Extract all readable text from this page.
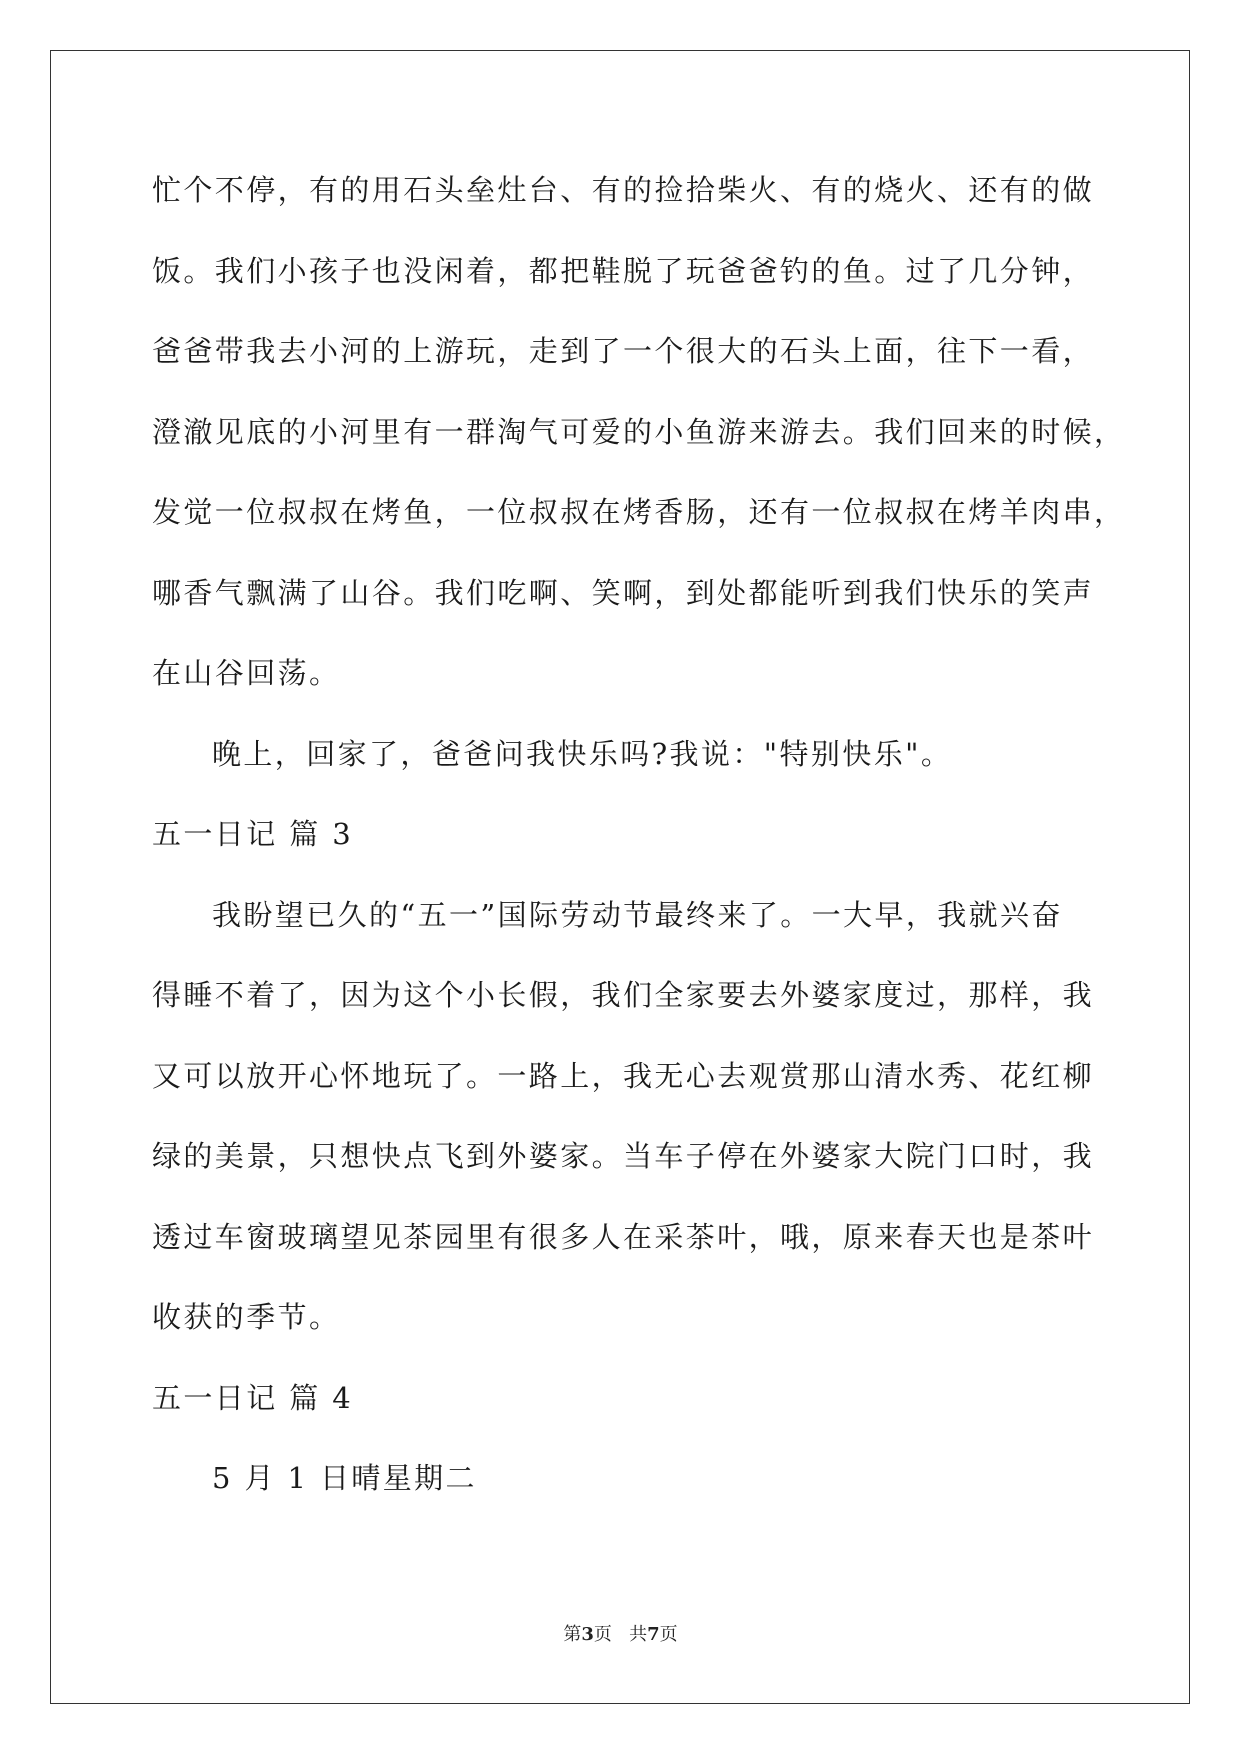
忙个不停，有的用石头垒灶台、有的捡拾柴火、有的烧火、还有的做
饭。我们小孩子也没闲着，都把鞋脱了玩爸爸钓的鱼。过了几分钟，
爸爸带我去小河的上游玩，走到了一个很大的石头上面，往下一看，
澄澈见底的小河里有一群淘气可爱的小鱼游来游去。我们回来的时候，
发觉一位叔叔在烤鱼，一位叔叔在烤香肠，还有一位叔叔在烤羊肉串，
哪香气飘满了山谷。我们吃啊、笑啊，到处都能听到我们快乐的笑声
在山谷回荡。
晚上，回家了，爸爸问我快乐吗?我说："特别快乐"。
五一日记 篇 3
我盼望已久的“五一”国际劳动节最终来了。一大早，我就兴奋
得睡不着了，因为这个小长假，我们全家要去外婆家度过，那样，我
又可以放开心怀地玩了。一路上，我无心去观赏那山清水秀、花红柳
绿的美景，只想快点飞到外婆家。当车子停在外婆家大院门口时，我
透过车窗玻璃望见茶园里有很多人在采茶叶，哦，原来春天也是茶叶
收获的季节。
五一日记 篇 4
5 月 1 日晴星期二
第3页   共7页
